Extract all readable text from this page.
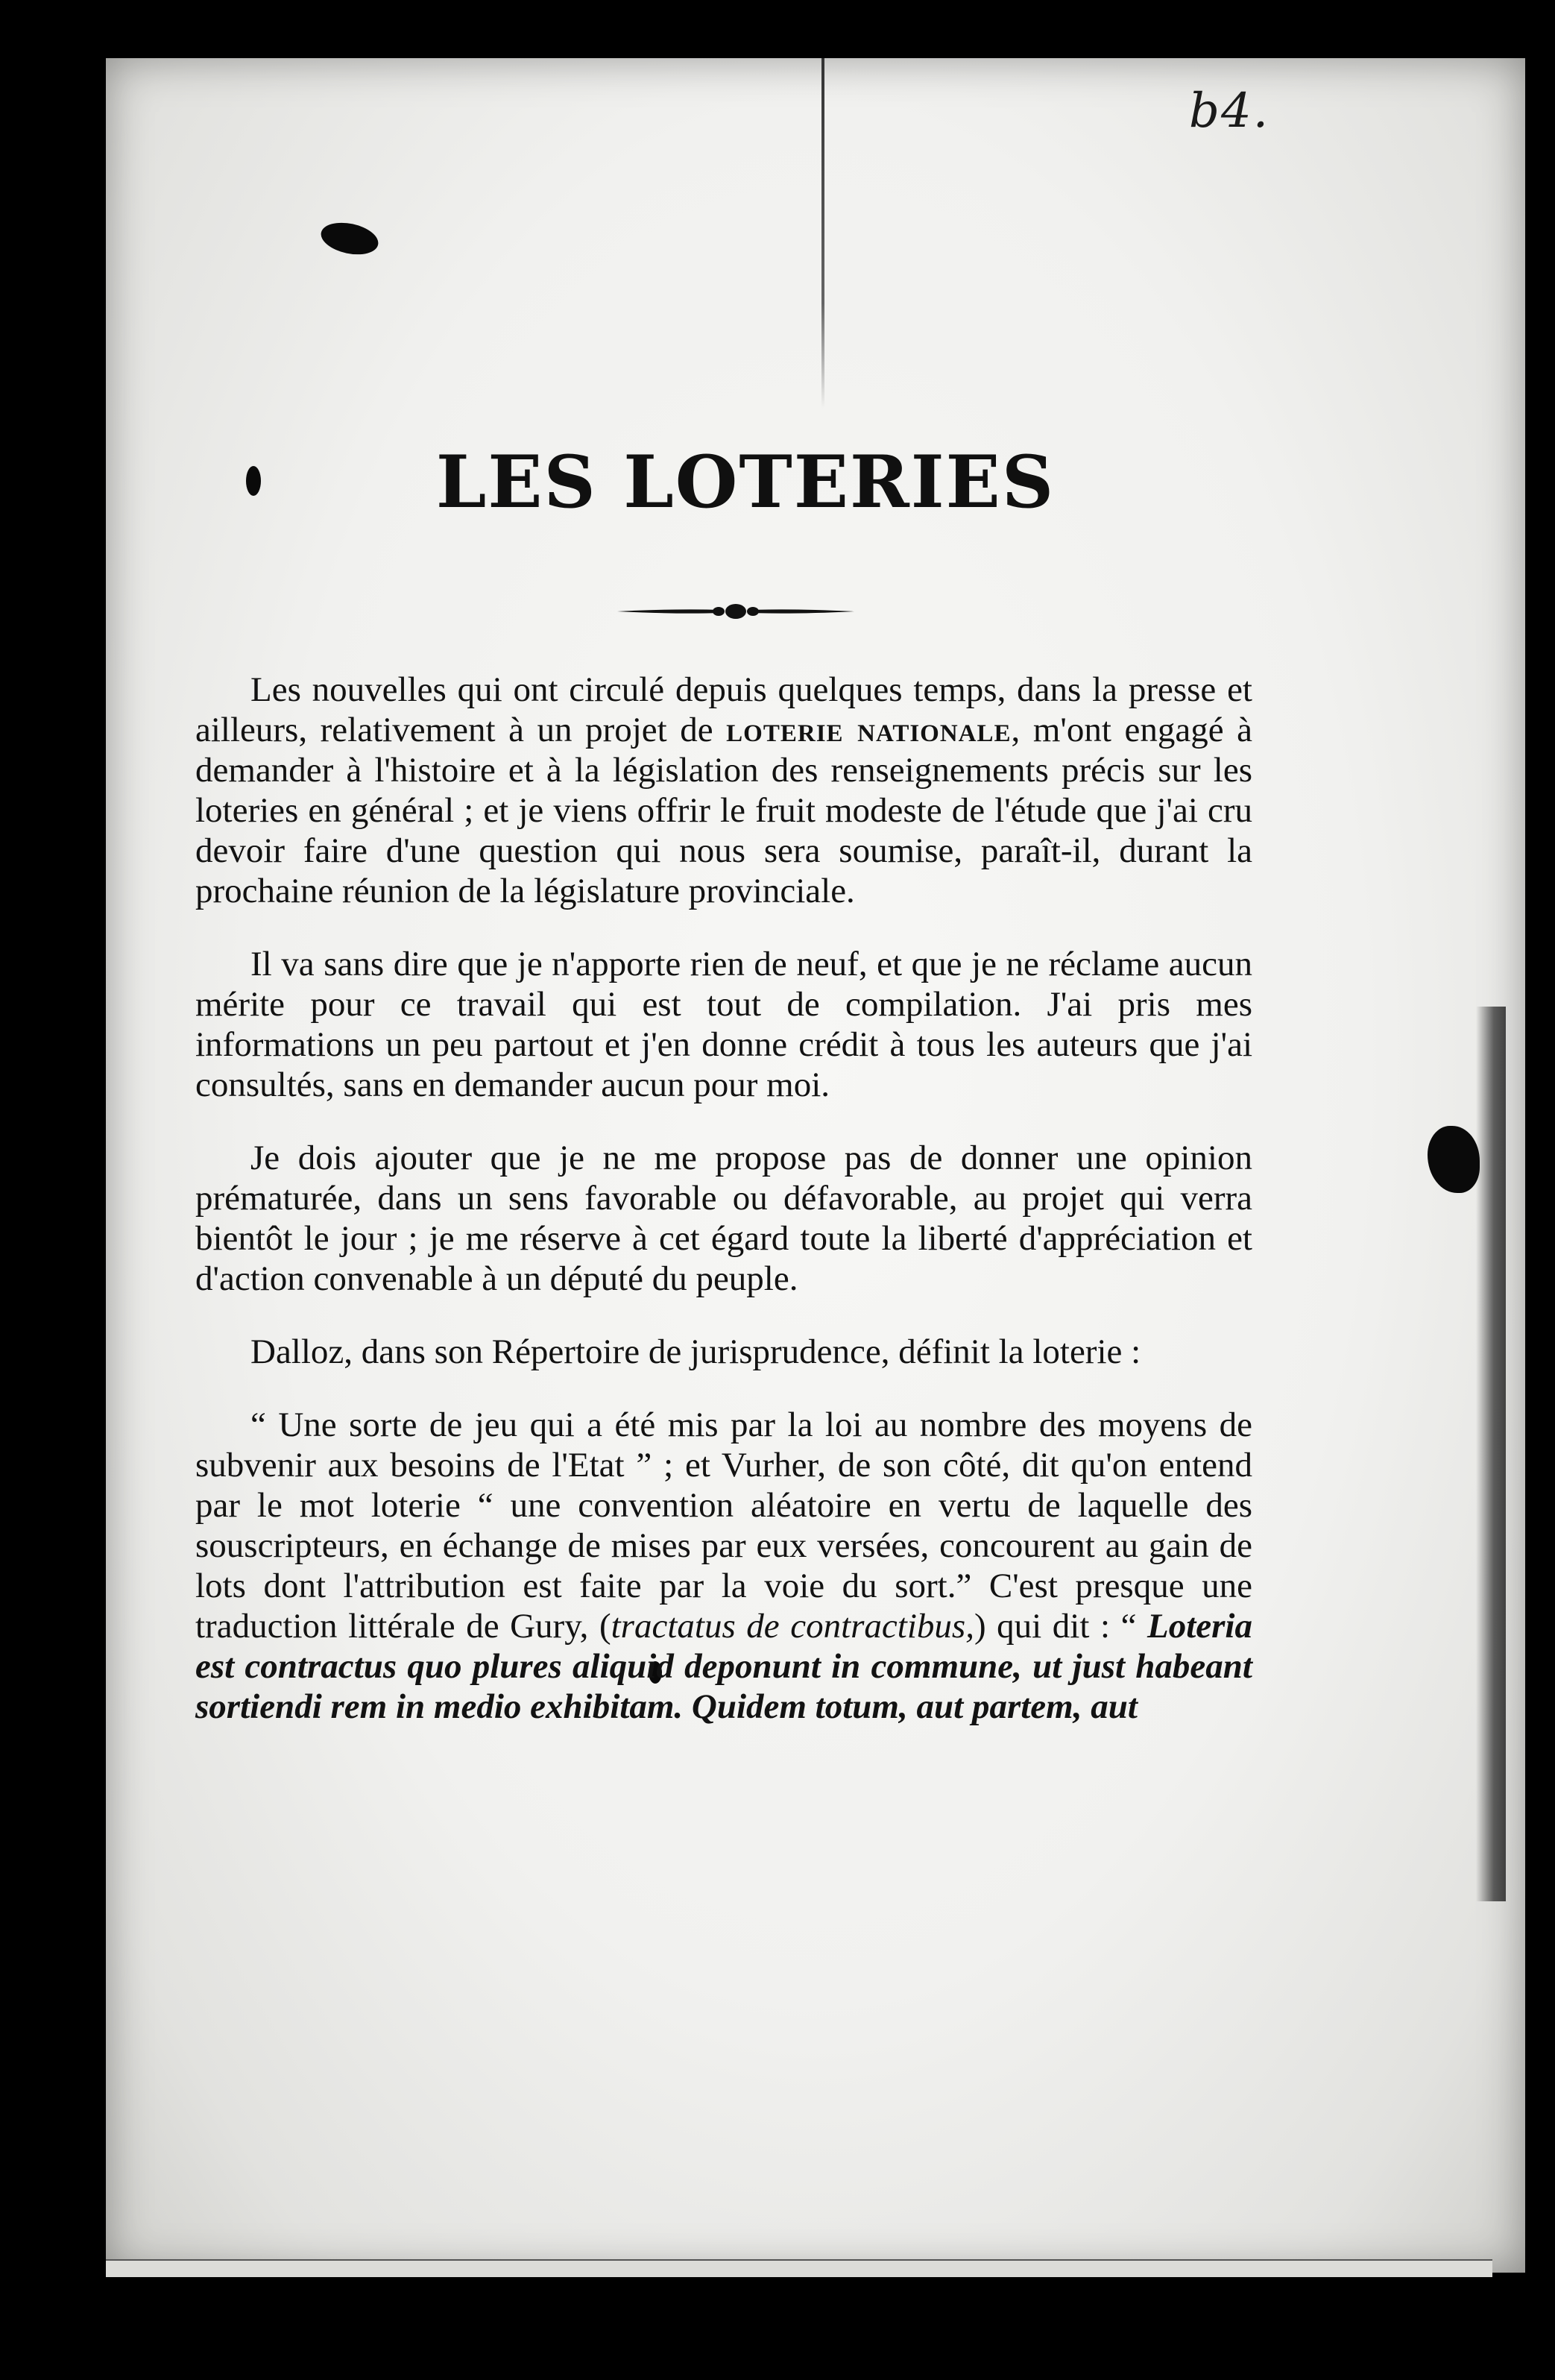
b4.
LES LOTERIES

Les nouvelles qui ont circulé depuis quelques temps, dans la presse et ailleurs, relativement à un projet de loterie nationale, m'ont engagé à demander à l'histoire et à la législation des renseignements précis sur les loteries en général ; et je viens offrir le fruit modeste de l'étude que j'ai cru devoir faire d'une question qui nous sera soumise, paraît-il, durant la prochaine réunion de la législature provinciale.

Il va sans dire que je n'apporte rien de neuf, et que je ne réclame aucun mérite pour ce travail qui est tout de compilation. J'ai pris mes informations un peu partout et j'en donne crédit à tous les auteurs que j'ai consultés, sans en demander aucun pour moi.

Je dois ajouter que je ne me propose pas de donner une opinion prématurée, dans un sens favorable ou défavorable, au projet qui verra bientôt le jour ; je me réserve à cet égard toute la liberté d'appréciation et d'action convenable à un député du peuple.

Dalloz, dans son Répertoire de jurisprudence, définit la loterie :

“ Une sorte de jeu qui a été mis par la loi au nombre des moyens de subvenir aux besoins de l'Etat ” ; et Vurher, de son côté, dit qu'on entend par le mot loterie “ une convention aléatoire en vertu de laquelle des souscripteurs, en échange de mises par eux versées, concourent au gain de lots dont l'attribution est faite par la voie du sort.” C'est presque une traduction littérale de Gury, (tractatus de contractibus,) qui dit : “ Loteria est contractus quo plures aliquid deponunt in commune, ut just habeant sortiendi rem in medio exhibitam. Quidem totum, aut partem, aut
